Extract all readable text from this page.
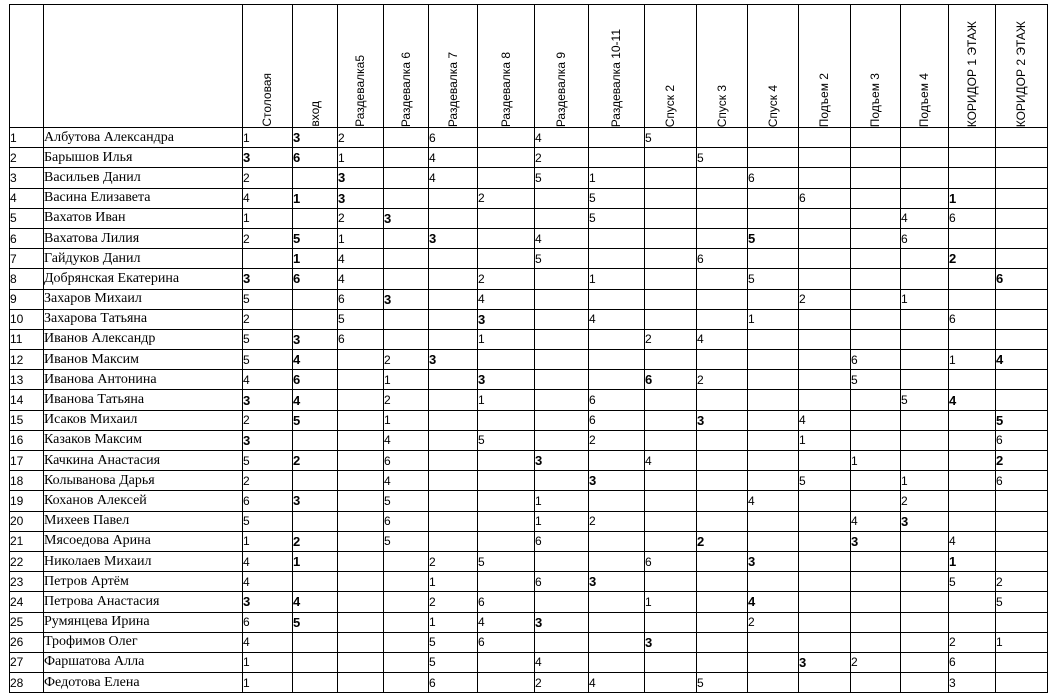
		Столовая	вход	Раздевалка5	Раздевалка 6	Раздевалка 7	Раздевалка 8	Раздевалка 9	Раздевалка 10-11	Спуск 2	Спуск 3	Спуск 4	Подъем 2	Подъем 3	Подъем 4	КОРИДОР 1 ЭТАЖ	КОРИДОР 2 ЭТАЖ

1	Албутова Александра	1	3	2		6		4		5							
2	Барышов Илья	3	6	1		4		2			5						
3	Васильев Данил	2		3		4		5	1			6					
4	Васина Елизавета	4	1	3			2		5				6			1	
5	Вахатов Иван	1		2	3				5						4	6	
6	Вахатова Лилия	2	5	1		3		4				5			6		
7	Гайдуков Данил		1	4				5			6					2	
8	Добрянская Екатерина	3	6	4			2		1			5					6
9	Захаров Михаил	5		6	3		4						2		1		
10	Захарова Татьяна	2		5			3		4			1				6	
11	Иванов Александр	5	3	6			1			2	4						
12	Иванов Максим	5	4		2	3								6		1	4
13	Иванова Антонина	4	6		1		3			6	2			5			
14	Иванова Татьяна	3	4		2		1		6						5	4	
15	Исаков Михаил	2	5		1				6		3		4				5
16	Казаков Максим	3			4		5		2				1				6
17	Качкина Анастасия	5	2		6			3		4				1			2
18	Колыванова Дарья	2			4				3				5		1		6
19	Коханов Алексей	6	3		5			1				4			2		
20	Михеев Павел	5			6			1	2					4	3		
21	Мясоедова Арина	1	2		5			6			2			3		4	
22	Николаев Михаил	4	1			2	5			6		3				1	
23	Петров Артём	4				1		6	3							5	2
24	Петрова Анастасия	3	4			2	6			1		4					5
25	Румянцева Ирина	6	5			1	4	3				2					
26	Трофимов Олег	4				5	6			3						2	1
27	Фаршатова Алла	1				5		4					3	2		6	
28	Федотова Елена	1				6		2	4		5					3	
